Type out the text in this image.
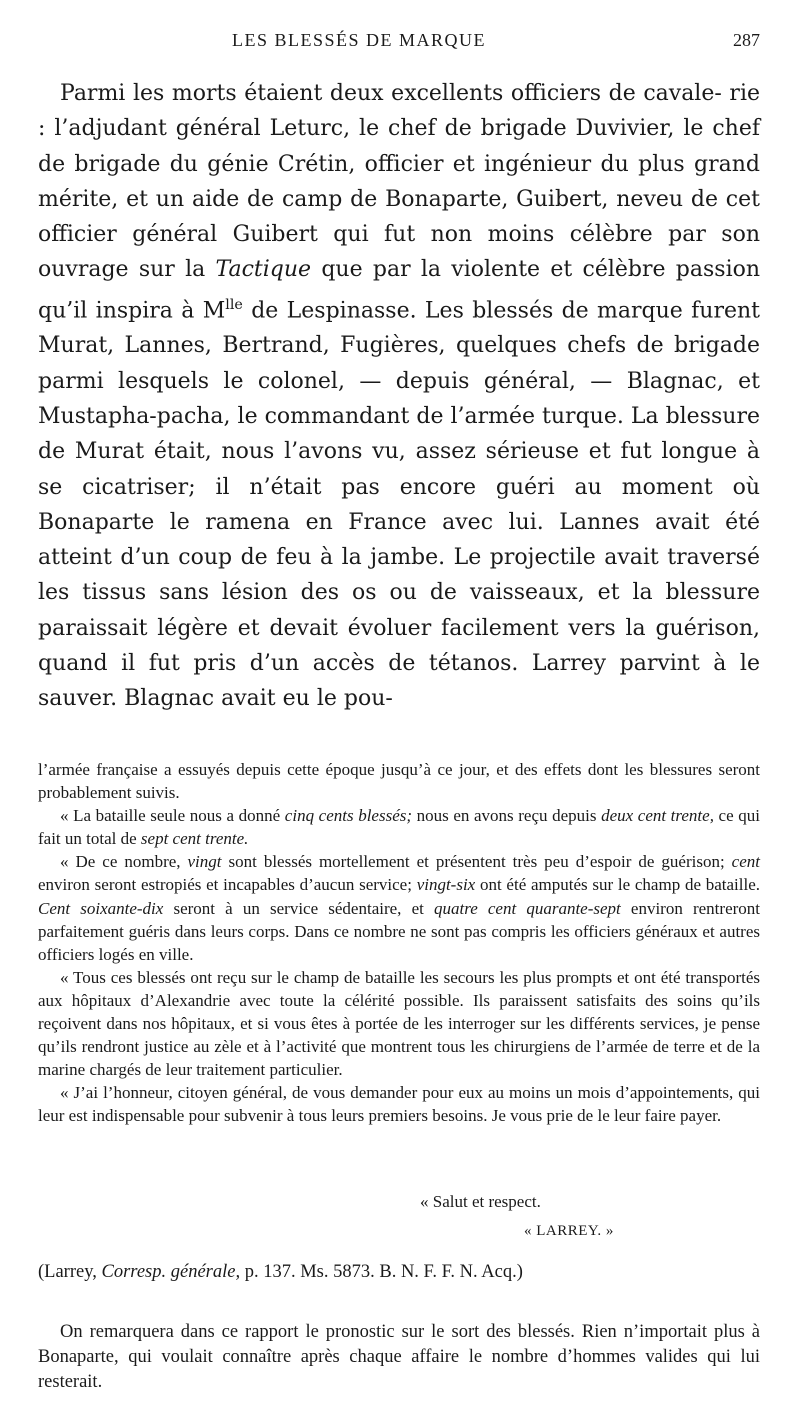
LES BLESSÉS DE MARQUE	287
Parmi les morts étaient deux excellents officiers de cavale- rie : l’adjudant général Leturc, le chef de brigade Duvivier, le chef de brigade du génie Crétin, officier et ingénieur du plus grand mérite, et un aide de camp de Bonaparte, Guibert, neveu de cet officier général Guibert qui fut non moins célèbre par son ouvrage sur la Tactique que par la violente et célèbre passion qu’il inspira à $M^{lle}$ de Lespinasse. Les blessés de marque furent Murat, Lannes, Bertrand, Fugières, quelques chefs de brigade parmi lesquels le colonel, — depuis général, — Blagnac, et Mustapha-pacha, le commandant de l’armée turque. La blessure de Murat était, nous l’avons vu, assez sérieuse et fut longue à se cicatriser; il n’était pas encore guéri au moment où Bonaparte le ramena en France avec lui. Lannes avait été atteint d’un coup de feu à la jambe. Le projectile avait traversé les tissus sans lésion des os ou de vaisseaux, et la blessure paraissait légère et devait évoluer facilement vers la guérison, quand il fut pris d’un accès de tétanos. Larrey parvint à le sauver. Blagnac avait eu le pou-

l’armée française a essuyés depuis cette époque jusqu’à ce jour, et des effets dont les blessures seront probablement suivis.

« La bataille seule nous a donné cinq cents blessés; nous en avons reçu depuis deux cent trente, ce qui fait un total de sept cent trente.

« De ce nombre, vingt sont blessés mortellement et présentent très peu d’espoir de guérison; cent environ seront estropiés et incapables d’aucun service; vingt-six ont été amputés sur le champ de bataille. Cent soixante-dix seront à un service sédentaire, et quatre cent quarante-sept environ rentreront parfaitement guéris dans leurs corps. Dans ce nombre ne sont pas compris les officiers généraux et autres officiers logés en ville.

« Tous ces blessés ont reçu sur le champ de bataille les secours les plus prompts et ont été transportés aux hôpitaux d’Alexandrie avec toute la célérité possible. Ils paraissent satisfaits des soins qu’ils reçoivent dans nos hôpitaux, et si vous êtes à portée de les interroger sur les différents services, je pense qu’ils rendront justice au zèle et à l’activité que montrent tous les chirurgiens de l’armée de terre et de la marine chargés de leur traitement particulier.

« J’ai l’honneur, citoyen général, de vous demander pour eux au moins un mois d’appointements, qui leur est indispensable pour subvenir à tous leurs premiers besoins. Je vous prie de le leur faire payer.

« Salut et respect.
« LARREY. »
(Larrey, Corresp. générale, p. 137. Ms. 5873. B. N. F. F. N. Acq.)

On remarquera dans ce rapport le pronostic sur le sort des blessés. Rien n’importait plus à Bonaparte, qui voulait connaître après chaque affaire le nombre d’hommes valides qui lui resterait.
